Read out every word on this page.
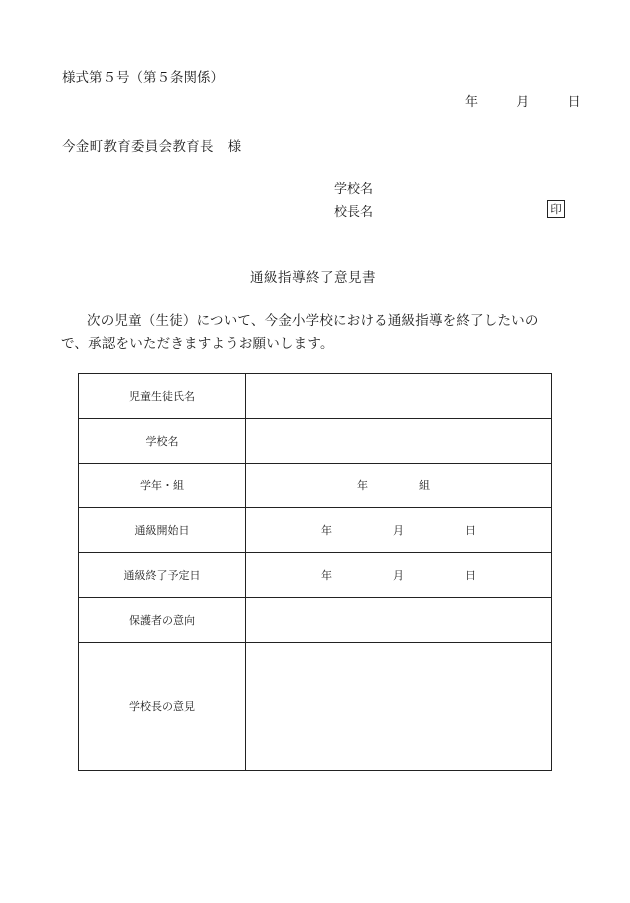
様式第５号（第５条関係）
年	月	日
今金町教育委員会教育長　様
学校名
校長名	印
通級指導終了意見書
次の児童（生徒）について、今金小学校における通級指導を終了したいの
で、承認をいただきますようお願いします。
児童生徒氏名	
学校名	
学年・組	年 組
通級開始日	年 月 日
通級終了予定日	年 月 日
保護者の意向	
学校長の意見	
